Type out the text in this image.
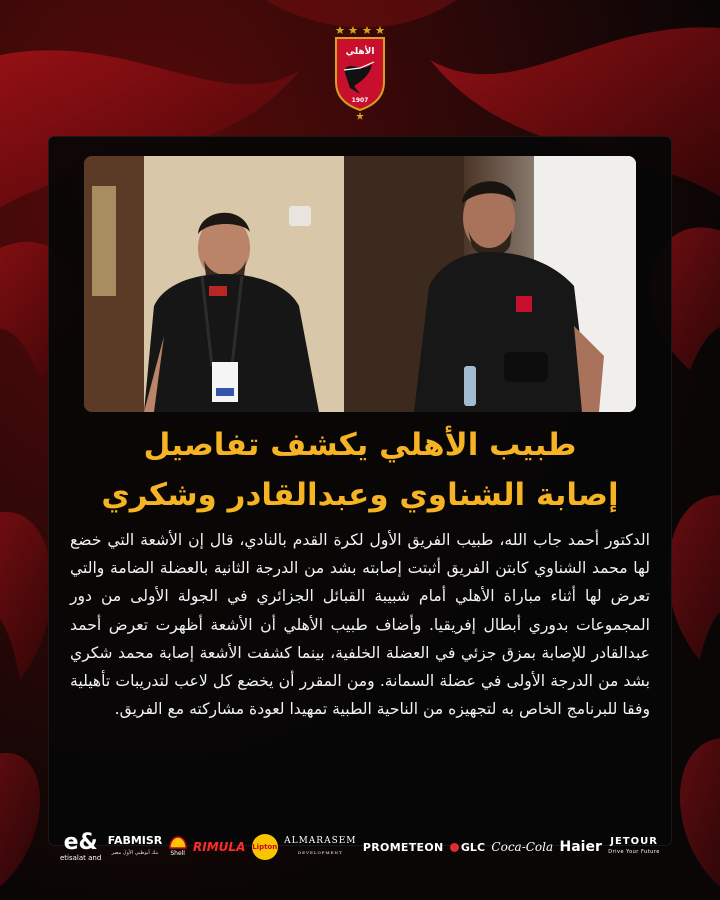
الأهلي
1907
طبيب الأهلي يكشف تفاصيل
إصابة الشناوي وعبدالقادر وشكري
الدكتور أحمد جاب الله، طبيب الفريق الأول لكرة القدم بالنادي، قال إن الأشعة التي خضع لها محمد الشناوي كابتن الفريق أثبتت إصابته بشد من الدرجة الثانية بالعضلة الضامة والتي تعرض لها أثناء مباراة الأهلي أمام شبيبة القبائل الجزائري في الجولة الأولى من دور المجموعات بدوري أبطال إفريقيا. وأضاف طبيب الأهلي أن الأشعة أظهرت تعرض أحمد عبدالقادر للإصابة بمزق جزئي في العضلة الخلفية، بينما كشفت الأشعة إصابة محمد شكري بشد من الدرجة الأولى في عضلة السمانة. ومن المقرر أن يخضع كل لاعب لتدريبات تأهيلية وفقا للبرنامج الخاص به لتجهيزه من الناحية الطبية تمهيدا لعودة مشاركته مع الفريق.
e&
etisalat and
FABMISR
بنك أبوظبي الأول مصر Shell RIMULA Lipton
ALMARASEM
DEVELOPMENT PROMETEON GLC Coca-Cola Haier JETOUR
Drive Your Future
